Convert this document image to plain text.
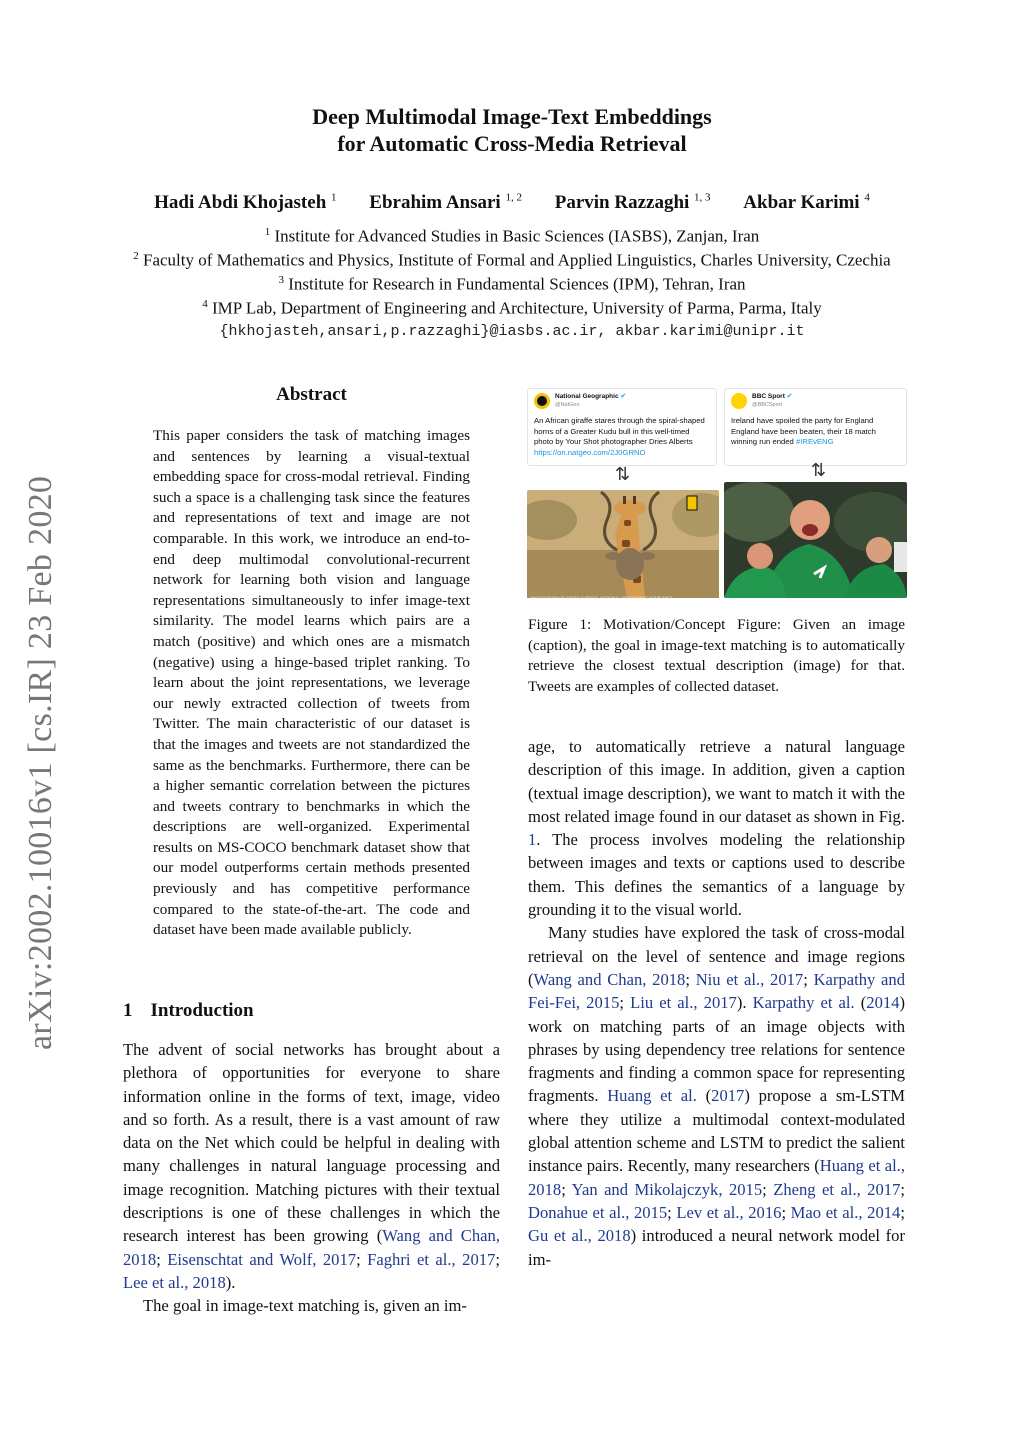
Deep Multimodal Image-Text Embeddings
for Automatic Cross-Media Retrieval
Hadi Abdi Khojasteh $^1$ Ebrahim Ansari $^{1, 2}$ Parvin Razzaghi $^{1, 3}$ Akbar Karimi $^4$
$^1$ Institute for Advanced Studies in Basic Sciences (IASBS), Zanjan, Iran
$^2$ Faculty of Mathematics and Physics, Institute of Formal and Applied Linguistics, Charles University, Czechia
$^3$ Institute for Research in Fundamental Sciences (IPM), Tehran, Iran
$^4$ IMP Lab, Department of Engineering and Architecture, University of Parma, Parma, Italy
{hkhojasteh,ansari,p.razzaghi}@iasbs.ac.ir, akbar.karimi@unipr.it
arXiv:2002.10016v1 [cs.IR] 23 Feb 2020
Abstract
This paper considers the task of matching images and sentences by learning a visual-textual embedding space for cross-modal retrieval. Finding such a space is a challenging task since the features and representations of text and image are not comparable. In this work, we introduce an end-to-end deep multimodal convolutional-recurrent network for learning both vision and language representations simultaneously to infer image-text similarity. The model learns which pairs are a match (positive) and which ones are a mismatch (negative) using a hinge-based triplet ranking. To learn about the joint representations, we leverage our newly extracted collection of tweets from Twitter. The main characteristic of our dataset is that the images and tweets are not standardized the same as the benchmarks. Furthermore, there can be a higher semantic correlation between the pictures and tweets contrary to benchmarks in which the descriptions are well-organized. Experimental results on MS-COCO benchmark dataset show that our model outperforms certain methods presented previously and has competitive performance compared to the state-of-the-art. The code and dataset have been made available publicly.
1 Introduction

The advent of social networks has brought about a plethora of opportunities for everyone to share information online in the forms of text, image, video and so forth. As a result, there is a vast amount of raw data on the Net which could be helpful in dealing with many challenges in natural language processing and image recognition. Matching pictures with their textual descriptions is one of these challenges in which the research interest has been growing (Wang and Chan, 2018; Eisenschtat and Wolf, 2017; Faghri et al., 2017; Lee et al., 2018).

The goal in image-text matching is, given an im-

National Geographic ✔
@NatGeo
An African giraffe stares through the spiral-shaped horns of a Greater Kudu bull in this well-timed photo by Your Shot photographer Dries Alberts https://on.natgeo.com/2J0GRNO
BBC Sport ✔
@BBCSport
Ireland have spoiled the party for England England have been beaten, their 18 match winning run ended #IREvENG
⇅	⇅
PHOTOGRAPH BY DRIES ALBERTS, NATIONAL GEOGRAPHIC YOUR SHOT
Figure 1: Motivation/Concept Figure: Given an image (caption), the goal in image-text matching is to automatically retrieve the closest textual description (image) for that. Tweets are examples of collected dataset.

age, to automatically retrieve a natural language description of this image. In addition, given a caption (textual image description), we want to match it with the most related image found in our dataset as shown in Fig. 1. The process involves modeling the relationship between images and texts or captions used to describe them. This defines the semantics of a language by grounding it to the visual world.

Many studies have explored the task of cross-modal retrieval on the level of sentence and image regions (Wang and Chan, 2018; Niu et al., 2017; Karpathy and Fei-Fei, 2015; Liu et al., 2017). Karpathy et al. (2014) work on matching parts of an image objects with phrases by using dependency tree relations for sentence fragments and finding a common space for representing fragments. Huang et al. (2017) propose a sm-LSTM where they utilize a multimodal context-modulated global attention scheme and LSTM to predict the salient instance pairs. Recently, many researchers (Huang et al., 2018; Yan and Mikolajczyk, 2015; Zheng et al., 2017; Donahue et al., 2015; Lev et al., 2016; Mao et al., 2014; Gu et al., 2018) introduced a neural network model for im-
